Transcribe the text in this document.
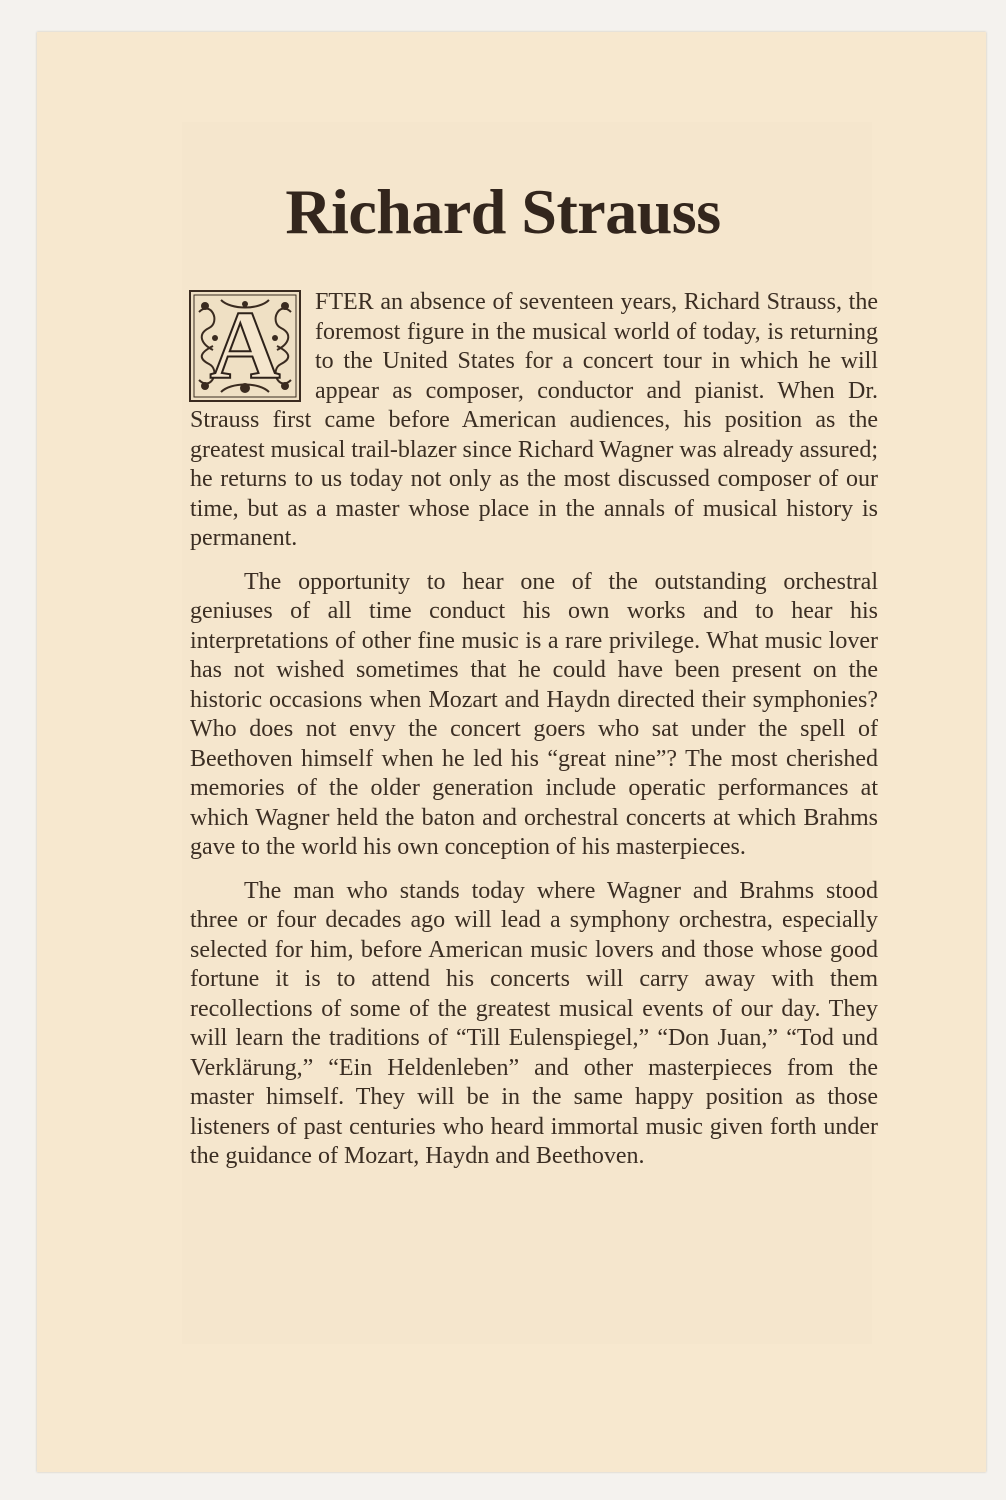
Richard Strauss

A	FTER an absence of seventeen years, Richard Strauss, the foremost figure in the musical world of today, is returning to the United States for a concert tour in which he will appear as composer, conductor and pianist. When Dr. Strauss first came before American audiences, his position as the greatest musical trail-blazer since Richard Wagner was already assured; he returns to us today not only as the most discussed composer of our time, but as a master whose place in the annals of musical history is permanent.

The opportunity to hear one of the outstanding orchestral geniuses of all time conduct his own works and to hear his interpretations of other fine music is a rare privilege. What music lover has not wished sometimes that he could have been present on the historic occasions when Mozart and Haydn directed their symphonies? Who does not envy the concert goers who sat under the spell of Beethoven himself when he led his “great nine”? The most cherished memories of the older generation include operatic performances at which Wagner held the baton and orchestral concerts at which Brahms gave to the world his own conception of his masterpieces.

The man who stands today where Wagner and Brahms stood three or four decades ago will lead a symphony orchestra, especially selected for him, before American music lovers and those whose good fortune it is to attend his concerts will carry away with them recollections of some of the greatest musical events of our day. They will learn the traditions of “Till Eulenspiegel,” “Don Juan,” “Tod und Verklärung,” “Ein Heldenleben” and other masterpieces from the master himself. They will be in the same happy position as those listeners of past centuries who heard immortal music given forth under the guidance of Mozart, Haydn and Beethoven.
